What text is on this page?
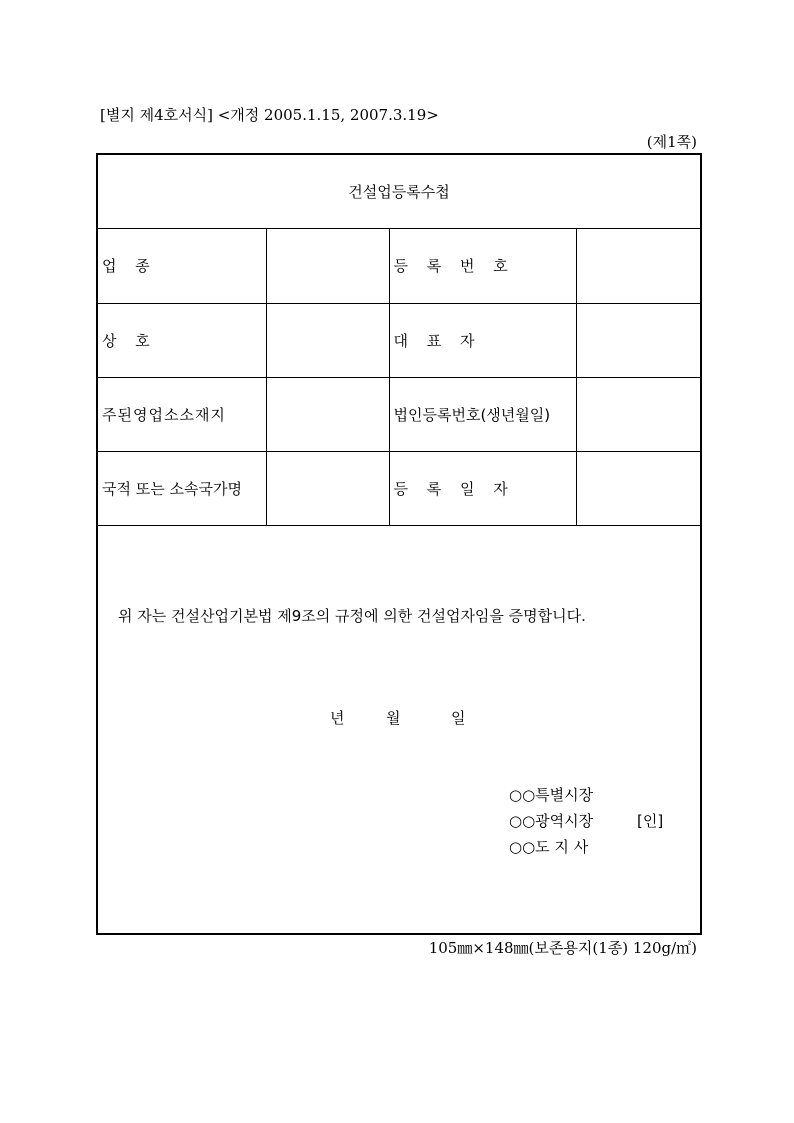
[별지 제4호서식] <개정 2005.1.15, 2007.3.19>
(제1쪽)
건설업등록수첩
업 종		등 록 번 호	
상 호		대 표 자	
주된영업소소재지		법인등록번호(생년월일)	
국적 또는 소속국가명		등 록 일 자	
위 자는 건설산업기본법 제9조의 규정에 의한 건설업자임을 증명합니다.
년	월	일
○○특별시장
○○광역시장
○○도 지 사
[인]
105㎜×148㎜(보존용지(1종) 120g/㎡)
